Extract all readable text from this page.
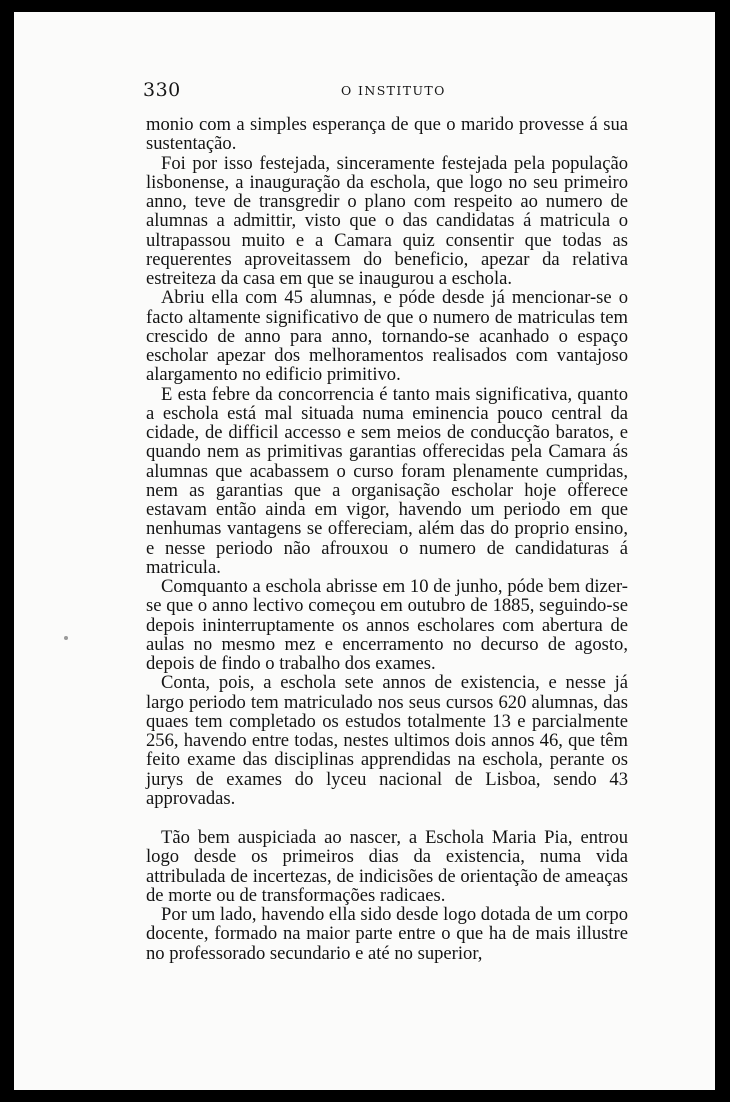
330	O INSTITUTO

monio com a simples esperança de que o marido provesse á sua sustentação.

Foi por isso festejada, sinceramente festejada pela população lisbonense, a inauguração da eschola, que logo no seu primeiro anno, teve de transgredir o plano com respeito ao numero de alumnas a admittir, visto que o das candidatas á matricula o ultrapassou muito e a Camara quiz consentir que todas as requerentes aproveitassem do beneficio, apezar da relativa estreiteza da casa em que se inaugurou a eschola.

Abriu ella com 45 alumnas, e póde desde já mencionar-se o facto altamente significativo de que o numero de matriculas tem crescido de anno para anno, tornando-se acanhado o espaço escholar apezar dos melhoramentos realisados com vantajoso alargamento no edificio primitivo.

E esta febre da concorrencia é tanto mais significativa, quanto a eschola está mal situada numa eminencia pouco central da cidade, de difficil accesso e sem meios de conducção baratos, e quando nem as primitivas garantias offerecidas pela Camara ás alumnas que acabassem o curso foram plenamente cumpridas, nem as garantias que a organisação escholar hoje offerece estavam então ainda em vigor, havendo um periodo em que nenhumas vantagens se offereciam, além das do proprio ensino, e nesse periodo não afrouxou o numero de candidaturas á matricula.

Comquanto a eschola abrisse em 10 de junho, póde bem dizer-se que o anno lectivo começou em outubro de 1885, seguindo-se depois ininterruptamente os annos escholares com abertura de aulas no mesmo mez e encerramento no decurso de agosto, depois de findo o trabalho dos exames.

Conta, pois, a eschola sete annos de existencia, e nesse já largo periodo tem matriculado nos seus cursos 620 alumnas, das quaes tem completado os estudos totalmente 13 e parcialmente 256, havendo entre todas, nestes ultimos dois annos 46, que têm feito exame das disciplinas apprendidas na eschola, perante os jurys de exames do lyceu nacional de Lisboa, sendo 43 approvadas.

Tão bem auspiciada ao nascer, a Eschola Maria Pia, entrou logo desde os primeiros dias da existencia, numa vida attribulada de incertezas, de indicisões de orientação de ameaças de morte ou de transformações radicaes.

Por um lado, havendo ella sido desde logo dotada de um corpo docente, formado na maior parte entre o que ha de mais illustre no professorado secundario e até no superior,
